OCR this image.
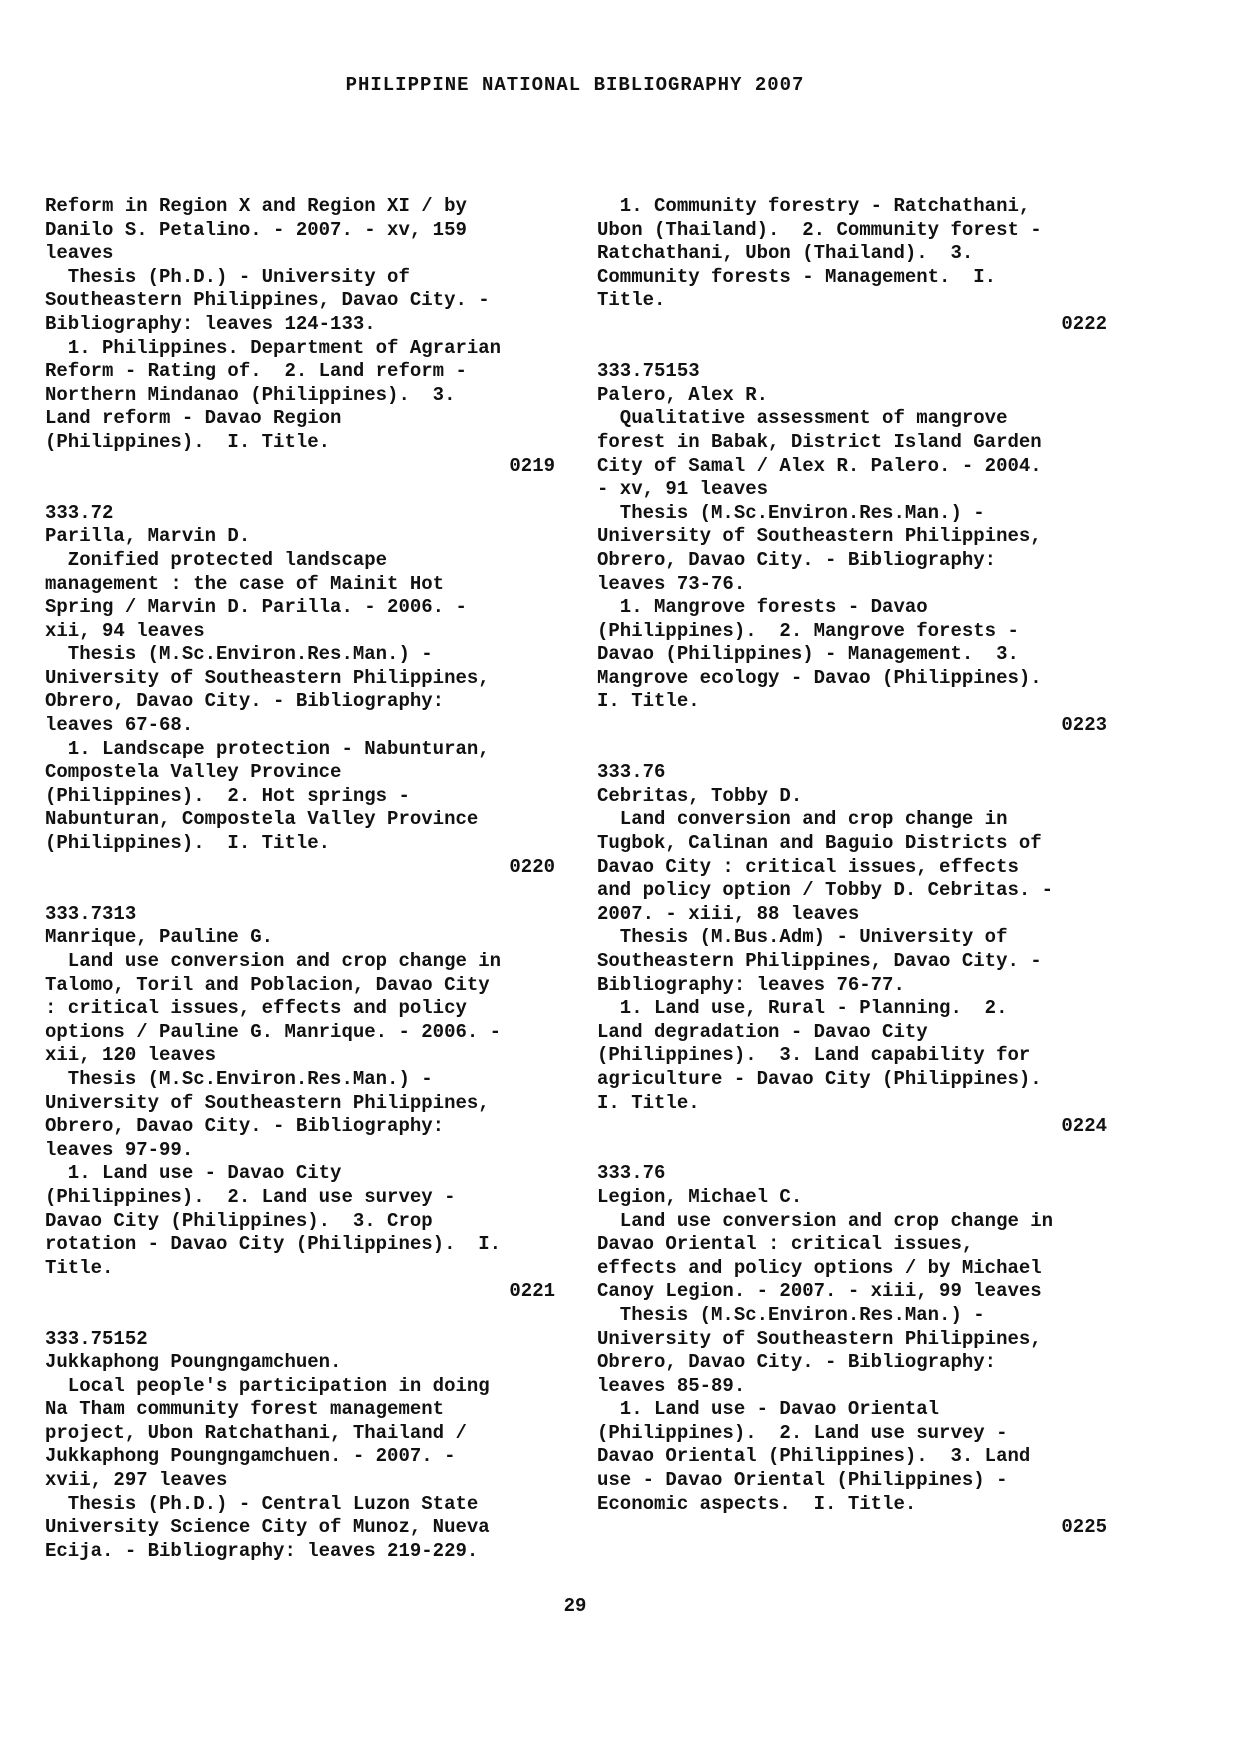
PHILIPPINE NATIONAL BIBLIOGRAPHY 2007
Reform in Region X and Region XI / by
Danilo S. Petalino. - 2007. - xv, 159
leaves
Thesis (Ph.D.) - University of
Southeastern Philippines, Davao City. -
Bibliography: leaves 124-133.
1. Philippines. Department of Agrarian
Reform - Rating of.  2. Land reform -
Northern Mindanao (Philippines).  3.
Land reform - Davao Region
(Philippines).  I. Title.
0219
333.72
Parilla, Marvin D.
Zonified protected landscape
management : the case of Mainit Hot
Spring / Marvin D. Parilla. - 2006. -
xii, 94 leaves
Thesis (M.Sc.Environ.Res.Man.) -
University of Southeastern Philippines,
Obrero, Davao City. - Bibliography:
leaves 67-68.
1. Landscape protection - Nabunturan,
Compostela Valley Province
(Philippines).  2. Hot springs -
Nabunturan, Compostela Valley Province
(Philippines).  I. Title.
0220
333.7313
Manrique, Pauline G.
Land use conversion and crop change in
Talomo, Toril and Poblacion, Davao City
: critical issues, effects and policy
options / Pauline G. Manrique. - 2006. -
xii, 120 leaves
Thesis (M.Sc.Environ.Res.Man.) -
University of Southeastern Philippines,
Obrero, Davao City. - Bibliography:
leaves 97-99.
1. Land use - Davao City
(Philippines).  2. Land use survey -
Davao City (Philippines).  3. Crop
rotation - Davao City (Philippines).  I.
Title.
0221
333.75152
Jukkaphong Poungngamchuen.
Local people's participation in doing
Na Tham community forest management
project, Ubon Ratchathani, Thailand /
Jukkaphong Poungngamchuen. - 2007. -
xvii, 297 leaves
Thesis (Ph.D.) - Central Luzon State
University Science City of Munoz, Nueva
Ecija. - Bibliography: leaves 219-229.
1. Community forestry - Ratchathani,
Ubon (Thailand).  2. Community forest -
Ratchathani, Ubon (Thailand).  3.
Community forests - Management.  I.
Title.
0222
333.75153
Palero, Alex R.
Qualitative assessment of mangrove
forest in Babak, District Island Garden
City of Samal / Alex R. Palero. - 2004.
- xv, 91 leaves
Thesis (M.Sc.Environ.Res.Man.) -
University of Southeastern Philippines,
Obrero, Davao City. - Bibliography:
leaves 73-76.
1. Mangrove forests - Davao
(Philippines).  2. Mangrove forests -
Davao (Philippines) - Management.  3.
Mangrove ecology - Davao (Philippines).
I. Title.
0223
333.76
Cebritas, Tobby D.
Land conversion and crop change in
Tugbok, Calinan and Baguio Districts of
Davao City : critical issues, effects
and policy option / Tobby D. Cebritas. -
2007. - xiii, 88 leaves
Thesis (M.Bus.Adm) - University of
Southeastern Philippines, Davao City. -
Bibliography: leaves 76-77.
1. Land use, Rural - Planning.  2.
Land degradation - Davao City
(Philippines).  3. Land capability for
agriculture - Davao City (Philippines).
I. Title.
0224
333.76
Legion, Michael C.
Land use conversion and crop change in
Davao Oriental : critical issues,
effects and policy options / by Michael
Canoy Legion. - 2007. - xiii, 99 leaves
Thesis (M.Sc.Environ.Res.Man.) -
University of Southeastern Philippines,
Obrero, Davao City. - Bibliography:
leaves 85-89.
1. Land use - Davao Oriental
(Philippines).  2. Land use survey -
Davao Oriental (Philippines).  3. Land
use - Davao Oriental (Philippines) -
Economic aspects.  I. Title.
0225
29
